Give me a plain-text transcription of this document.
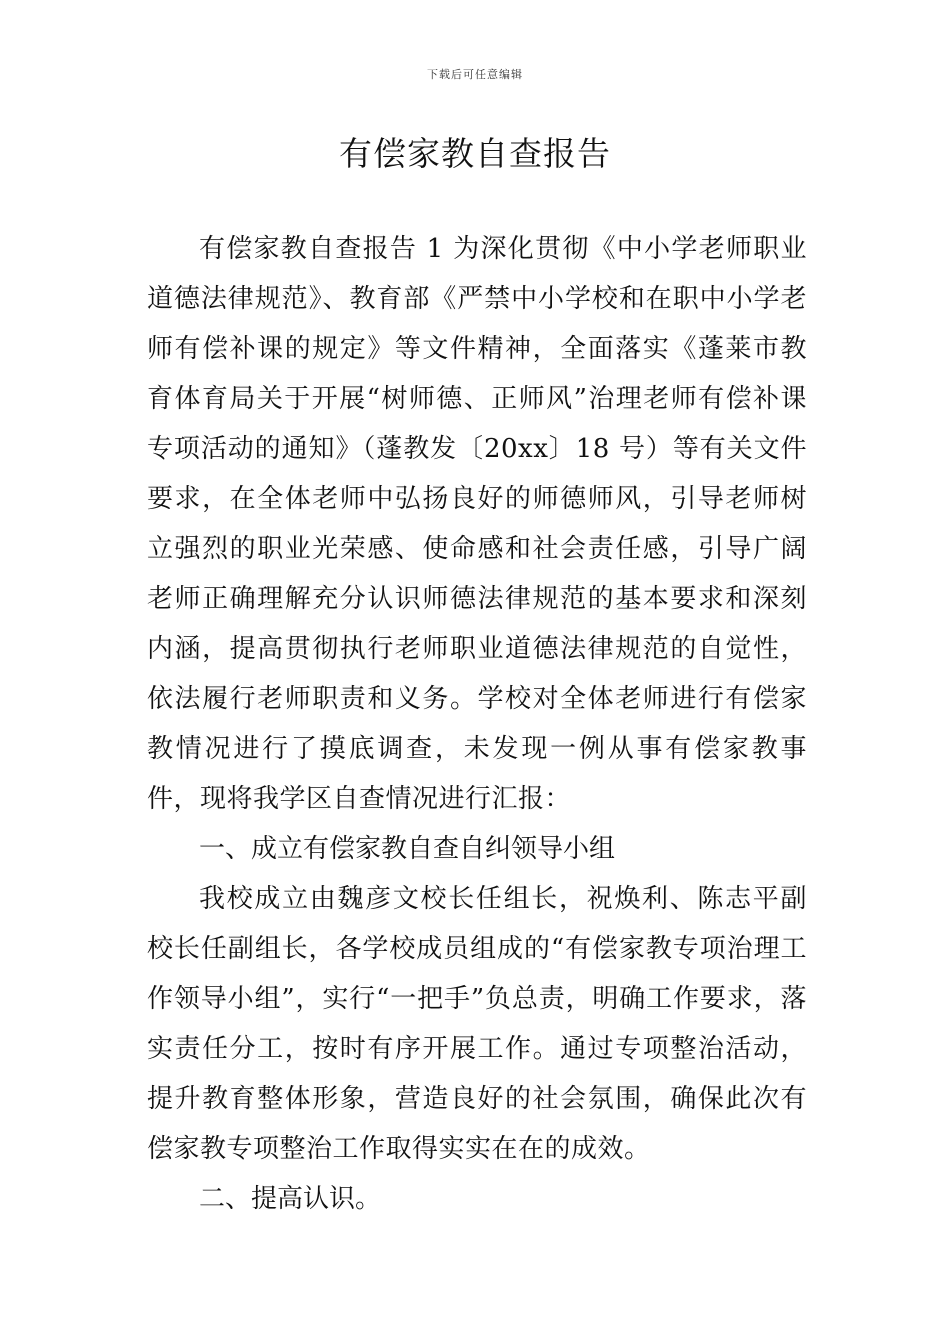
下载后可任意编辑
有偿家教自查报告

有偿家教自查报告 1 为深化贯彻《中小学老师职业道德法律规范》、教育部《严禁中小学校和在职中小学老师有偿补课的规定》等文件精神，全面落实《蓬莱市教育体育局关于开展“树师德、正师风”治理老师有偿补课专项活动的通知》（蓬教发〔20xx〕18 号）等有关文件要求，在全体老师中弘扬良好的师德师风，引导老师树立强烈的职业光荣感、使命感和社会责任感，引导广阔老师正确理解充分认识师德法律规范的基本要求和深刻内涵，提高贯彻执行老师职业道德法律规范的自觉性，依法履行老师职责和义务。学校对全体老师进行有偿家教情况进行了摸底调查，未发现一例从事有偿家教事件，现将我学区自查情况进行汇报：

一、成立有偿家教自查自纠领导小组

我校成立由魏彦文校长任组长，祝焕利、陈志平副校长任副组长，各学校成员组成的“有偿家教专项治理工作领导小组”，实行“一把手”负总责，明确工作要求，落实责任分工，按时有序开展工作。通过专项整治活动，提升教育整体形象，营造良好的社会氛围，确保此次有偿家教专项整治工作取得实实在在的成效。

二、提高认识。
